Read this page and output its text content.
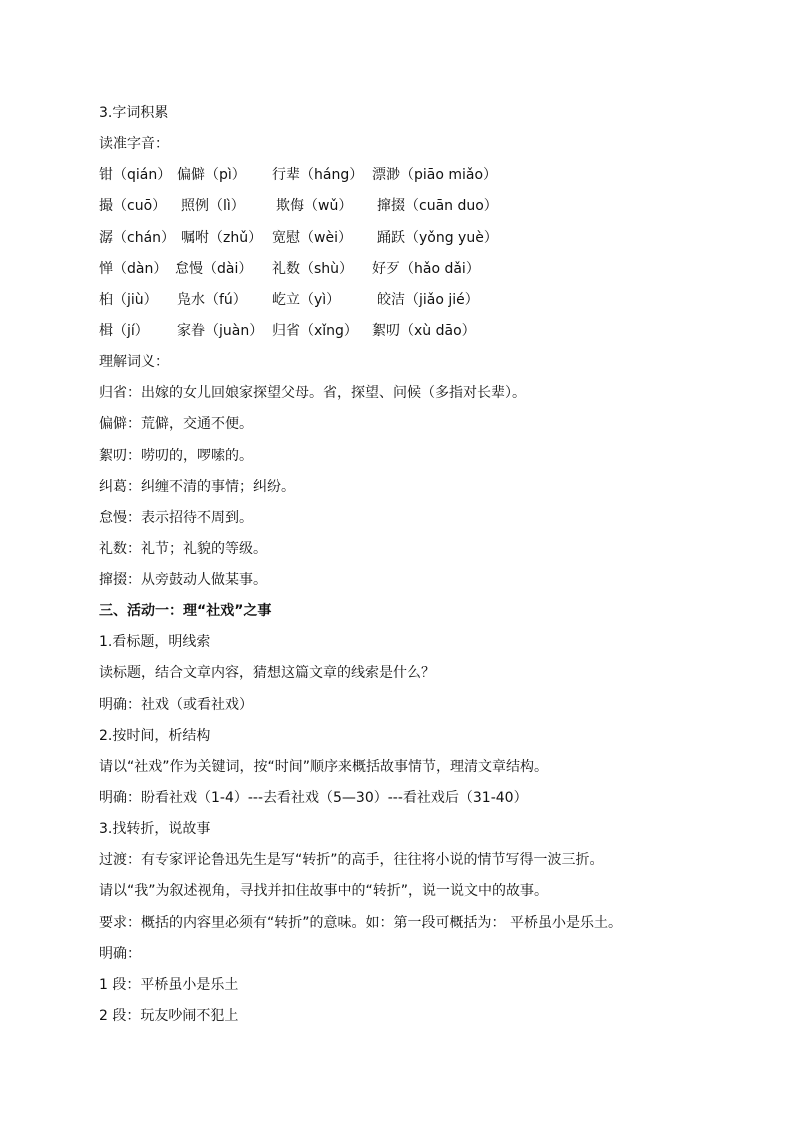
3.字词积累
读准字音：
钳（qián） 偏僻（pì） 行辈（háng） 漂渺（piāo miǎo）
撮（cuō） 照例（lì） 欺侮（wǔ） 撺掇（cuān duo）
潺（chán） 嘱咐（zhǔ） 宽慰（wèi） 踊跃（yǒng yuè）
惮（dàn） 怠慢（dài） 礼数（shù） 好歹（hǎo dǎi）
桕（jiù） 凫水（fú） 屹立（yì）	皎洁（jiǎo jié）
楫（jí） 家眷（juàn） 归省（xǐng） 絮叨（xù dāo）
理解词义：
归省：出嫁的女儿回娘家探望父母。省，探望、问候（多指对长辈）。
偏僻：荒僻，交通不便。
絮叨：唠叨的，啰嗦的。
纠葛：纠缠不清的事情；纠纷。
怠慢：表示招待不周到。
礼数：礼节；礼貌的等级。
撺掇：从旁鼓动人做某事。
三、活动一：理“社戏”之事
1.看标题，明线索
读标题，结合文章内容，猜想这篇文章的线索是什么？
明确：社戏（或看社戏）
2.按时间，析结构
请以“社戏”作为关键词，按“时间”顺序来概括故事情节，理清文章结构。
明确：盼看社戏（1-4）---去看社戏（5—30）---看社戏后（31-40）
3.找转折，说故事
过渡：有专家评论鲁迅先生是写“转折”的高手，往往将小说的情节写得一波三折。
请以“我”为叙述视角，寻找并扣住故事中的“转折”，说一说文中的故事。
要求：概括的内容里必须有“转折”的意味。如：第一段可概括为： 平桥虽小是乐土。
明确：
1 段：平桥虽小是乐土
2 段：玩友吵闹不犯上
